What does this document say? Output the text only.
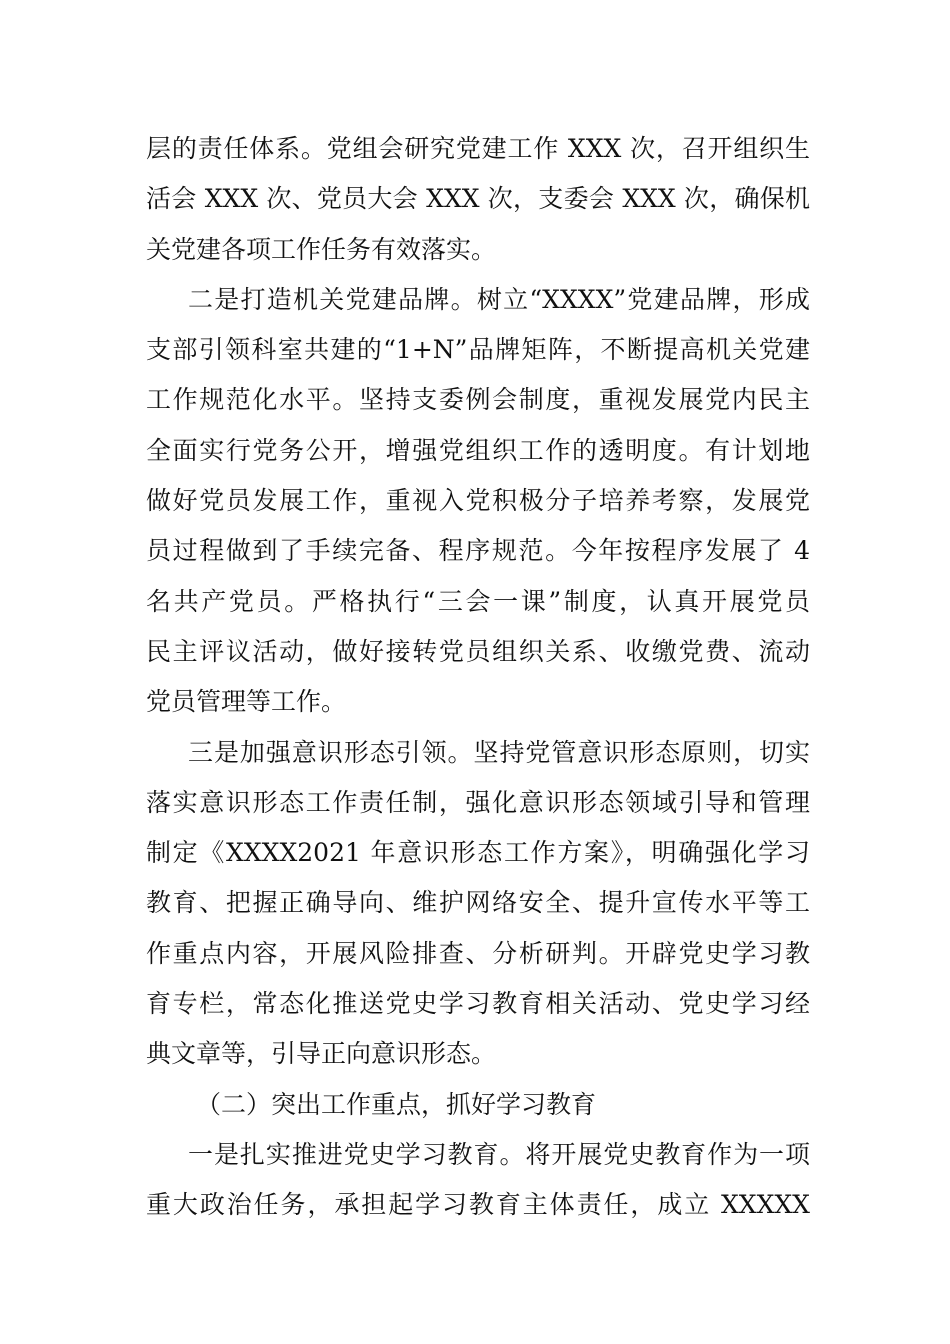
层的责任体系。党组会研究党建工作 XXX 次，召开组织生
活会 XXX 次、党员大会 XXX 次，支委会 XXX 次，确保机
关党建各项工作任务有效落实。
二是打造机关党建品牌。树立“XXXX”党建品牌，形成
支部引领科室共建的“1+N”品牌矩阵，不断提高机关党建
工作规范化水平。坚持支委例会制度，重视发展党内民主
全面实行党务公开，增强党组织工作的透明度。有计划地
做好党员发展工作，重视入党积极分子培养考察，发展党
员过程做到了手续完备、程序规范。今年按程序发展了 4
名共产党员。严格执行“三会一课”制度，认真开展党员
民主评议活动，做好接转党员组织关系、收缴党费、流动
党员管理等工作。
三是加强意识形态引领。坚持党管意识形态原则，切实
落实意识形态工作责任制，强化意识形态领域引导和管理
制定《XXXX2021 年意识形态工作方案》，明确强化学习
教育、把握正确导向、维护网络安全、提升宣传水平等工
作重点内容，开展风险排查、分析研判。开辟党史学习教
育专栏，常态化推送党史学习教育相关活动、党史学习经
典文章等，引导正向意识形态。
（二）突出工作重点，抓好学习教育
一是扎实推进党史学习教育。将开展党史教育作为一项
重大政治任务，承担起学习教育主体责任，成立 XXXXX
